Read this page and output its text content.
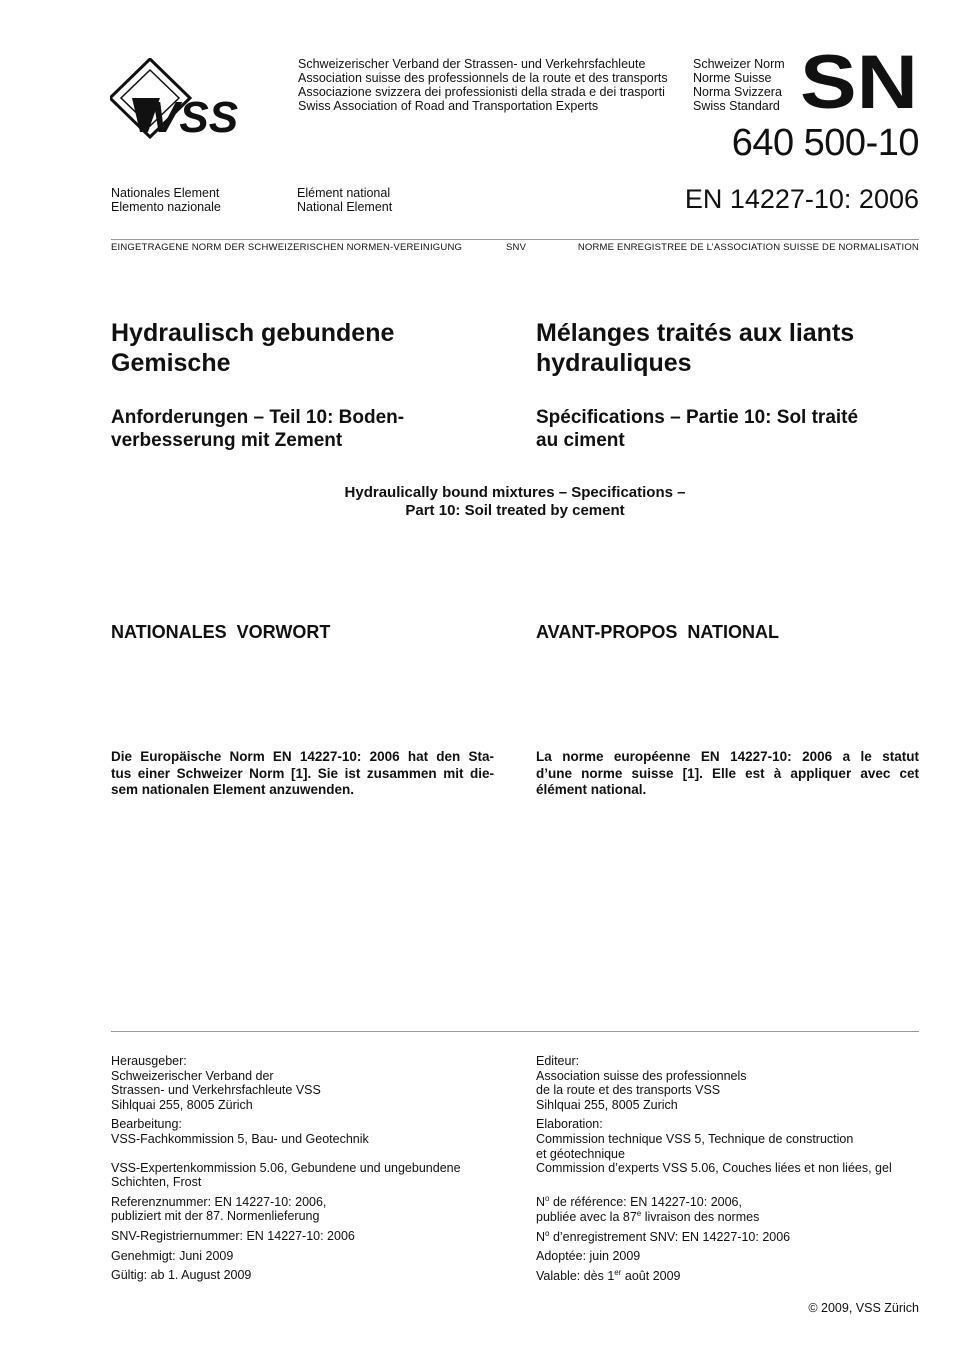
VSS
Schweizerischer Verband der Strassen- und Verkehrsfachleute
Association suisse des professionnels de la route et des transports
Associazione svizzera dei professionisti della strada e dei trasporti
Swiss Association of Road and Transportation Experts
Schweizer Norm
Norme Suisse
Norma Svizzera
Swiss Standard SN
640 500-10
EN 14227-10: 2006
Nationales Element
Elemento nazionale
Elément national
National Element
EINGETRAGENE NORM DER SCHWEIZERISCHEN NORMEN-VEREINIGUNG	SNV	NORME ENREGISTREE DE L’ASSOCIATION SUISSE DE NORMALISATION
Hydraulisch gebundene
Gemische
Mélanges traités aux liants
hydrauliques
Anforderungen – Teil 10: Boden-
verbesserung mit Zement
Spécifications – Partie 10: Sol traité
au ciment
Hydraulically bound mixtures – Specifications –
Part 10: Soil treated by cement
NATIONALES  VORWORT	AVANT-PROPOS  NATIONAL
Die Europäische Norm EN 14227-10: 2006 hat den Sta-
tus einer Schweizer Norm [1]. Sie ist zusammen mit die-
sem nationalen Element anzuwenden.
La norme européenne EN 14227-10: 2006 a le statut
d’une norme suisse [1]. Elle est à appliquer avec cet
élément national.
Herausgeber:
Schweizerischer Verband der
Strassen- und Verkehrsfachleute VSS
Sihlquai 255, 8005 Zürich
Bearbeitung:
VSS-Fachkommission 5, Bau- und Geotechnik
VSS-Expertenkommission 5.06, Gebundene und ungebundene
Schichten, Frost
Referenznummer: EN 14227-10: 2006,
publiziert mit der 87. Normenlieferung
SNV-Registriernummer: EN 14227-10: 2006
Genehmigt: Juni 2009
Gültig: ab 1. August 2009
Editeur:
Association suisse des professionnels
de la route et des transports VSS
Sihlquai 255, 8005 Zurich
Elaboration:
Commission technique VSS 5, Technique de construction
et géotechnique
Commission d’experts VSS 5.06, Couches liées et non liées, gel
$N^o$ de référence: EN 14227-10: 2006,
publiée avec la 87e livraison des normes
$N^o$ d’enregistrement SNV: EN 14227-10: 2006
Adoptée: juin 2009
Valable: dès 1er août 2009
© 2009, VSS Zürich
